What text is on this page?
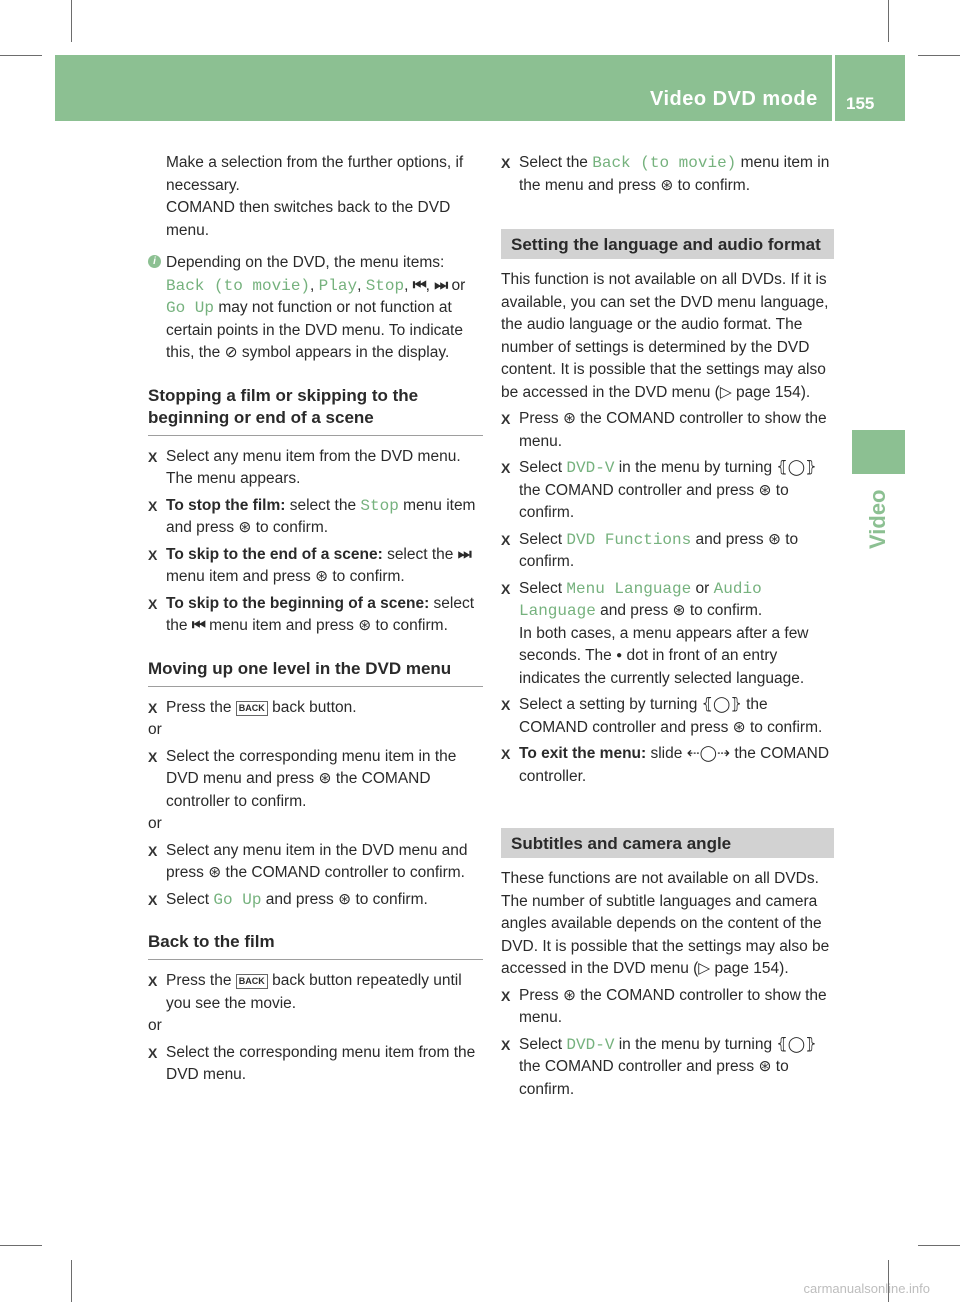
Video DVD mode 155
Video

Make a selection from the further options, if necessary.

COMAND then switches back to the DVD menu.

i Depending on the DVD, the menu items: Back (to movie), Play, Stop, ⏮, ⏭ or Go Up may not function or not function at certain points in the DVD menu. To indicate this, the ⊘ symbol appears in the display.
Stopping a film or skipping to the beginning or end of a scene
X Select any menu item from the DVD menu. The menu appears.
X To stop the film: select the Stop menu item and press ⊛ to confirm.
X To skip to the end of a scene: select the ⏭ menu item and press ⊛ to confirm.
X To skip to the beginning of a scene: select the ⏮ menu item and press ⊛ to confirm.
Moving up one level in the DVD menu
X Press the BACK back button.

or

X Select the corresponding menu item in the DVD menu and press ⊛ the COMAND controller to confirm.

or

X Select any menu item in the DVD menu and press ⊛ the COMAND controller to confirm.
X Select Go Up and press ⊛ to confirm.
Back to the film
X Press the BACK back button repeatedly until you see the movie.

or

X Select the corresponding menu item from the DVD menu.
X Select the Back (to movie) menu item in the menu and press ⊛ to confirm.
Setting the language and audio format

This function is not available on all DVDs. If it is available, you can set the DVD menu language, the audio language or the audio format. The number of settings is determined by the DVD content. It is possible that the settings may also be accessed in the DVD menu (▷ page 154).

X Press ⊛ the COMAND controller to show the menu.
X Select DVD-V in the menu by turning ⦃◯⦄ the COMAND controller and press ⊛ to confirm.
X Select DVD Functions and press ⊛ to confirm.
X Select Menu Language or Audio Language and press ⊛ to confirm.
In both cases, a menu appears after a few seconds. The ● dot in front of an entry indicates the currently selected language.
X Select a setting by turning ⦃◯⦄ the COMAND controller and press ⊛ to confirm.
X To exit the menu: slide ⇠◯⇢ the COMAND controller.
Subtitles and camera angle

These functions are not available on all DVDs. The number of subtitle languages and camera angles available depends on the content of the DVD. It is possible that the settings may also be accessed in the DVD menu (▷ page 154).

X Press ⊛ the COMAND controller to show the menu.
X Select DVD-V in the menu by turning ⦃◯⦄ the COMAND controller and press ⊛ to confirm.
carmanualsonline.info
